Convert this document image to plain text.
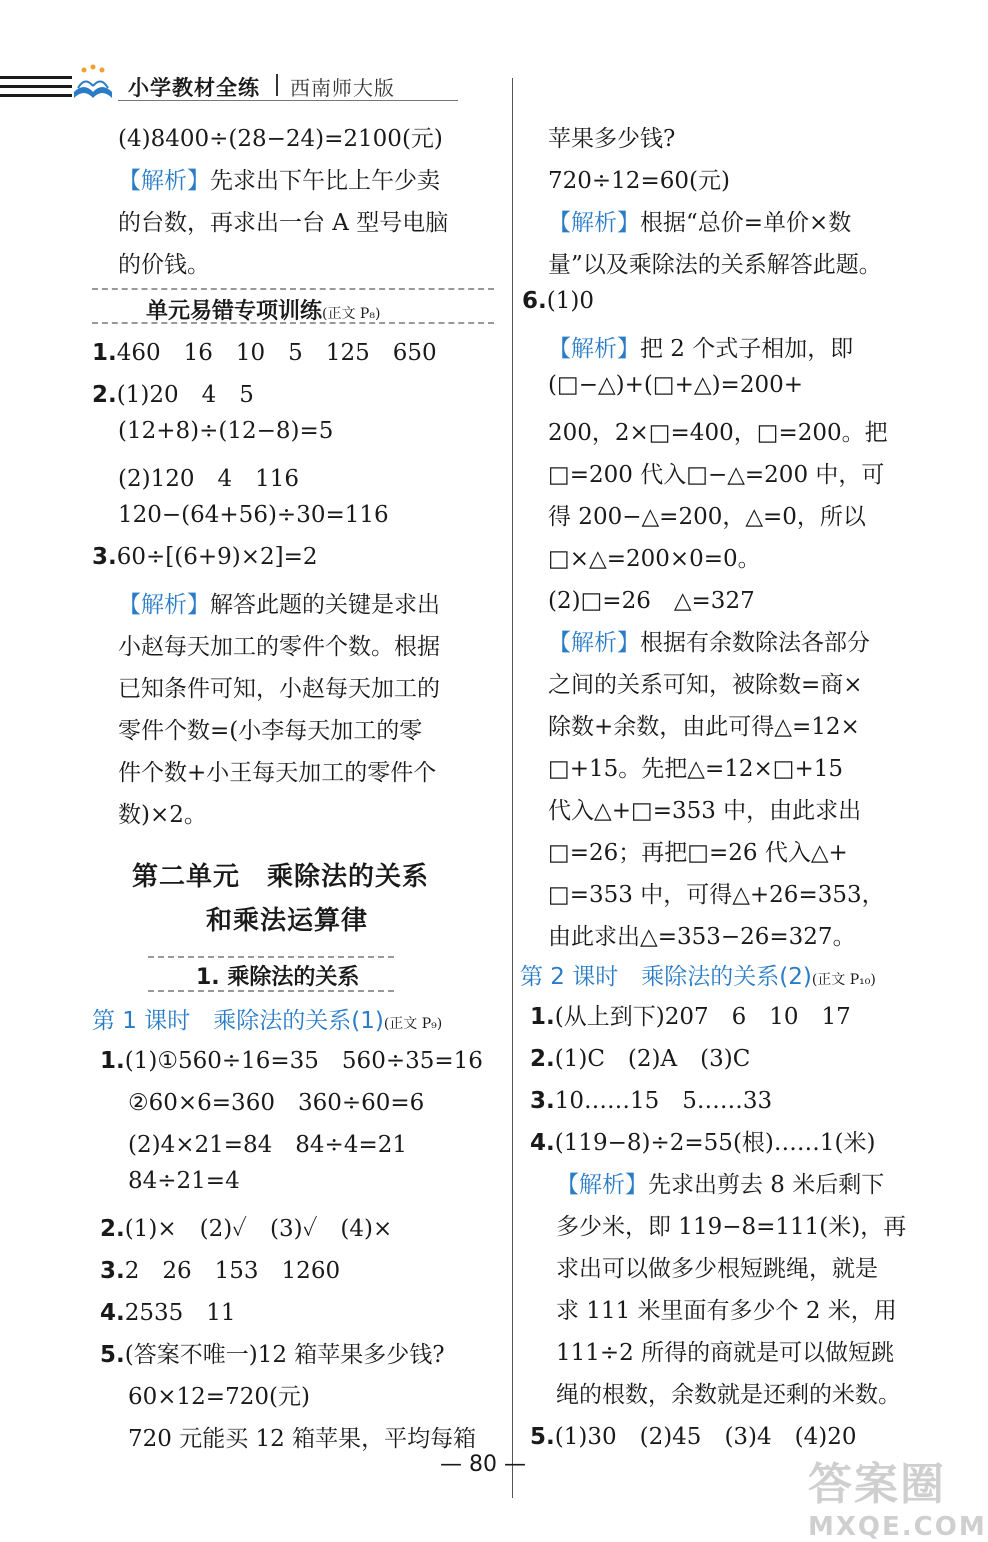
小学教材全练 西南师大版
(4)8400÷(28−24)=2100(元)
【解析】先求出下午比上午少卖
的台数，再求出一台 A 型号电脑
的价钱。
单元易错专项训练(正文 P₈)
1.460　16　10　5　125　650
2.(1)20　4　5
(12+8)÷(12−8)=5
(2)120　4　116
120−(64+56)÷30=116
3.60÷[(6+9)×2]=2
【解析】解答此题的关键是求出
小赵每天加工的零件个数。根据
已知条件可知，小赵每天加工的
零件个数=(小李每天加工的零
件个数+小王每天加工的零件个
数)×2。
第二单元　乘除法的关系
和乘法运算律
1. 乘除法的关系
第 1 课时　乘除法的关系(1)(正文 P₉)
1.(1)①560÷16=35　560÷35=16
②60×6=360　360÷60=6
(2)4×21=84　84÷4=21
84÷21=4
2.(1)×　(2)✓　(3)✓　(4)×
3.2　26　153　1260
4.2535　11
5.(答案不唯一)12 箱苹果多少钱?
60×12=720(元)
720 元能买 12 箱苹果，平均每箱
苹果多少钱?
720÷12=60(元)
【解析】根据“总价=单价×数
量”以及乘除法的关系解答此题。
6.(1)0
【解析】把 2 个式子相加，即
(□−△)+(□+△)=200+
200，2×□=400，□=200。把
□=200 代入□−△=200 中，可
得 200−△=200，△=0，所以
□×△=200×0=0。
(2)□=26　△=327
【解析】根据有余数除法各部分
之间的关系可知，被除数=商×
除数+余数，由此可得△=12×
□+15。先把△=12×□+15
代入△+□=353 中，由此求出
□=26；再把□=26 代入△+
□=353 中，可得△+26=353，
由此求出△=353−26=327。
第 2 课时　乘除法的关系(2)(正文 P₁₀)
1.(从上到下)207　6　10　17
2.(1)C　(2)A　(3)C
3.10……15　5……33
4.(119−8)÷2=55(根)……1(米)
【解析】先求出剪去 8 米后剩下
多少米，即 119−8=111(米)，再
求出可以做多少根短跳绳，就是
求 111 米里面有多少个 2 米，用
111÷2 所得的商就是可以做短跳
绳的根数，余数就是还剩的米数。
5.(1)30　(2)45　(3)4　(4)20
— 80 —	答案圈
MXQE.COM
